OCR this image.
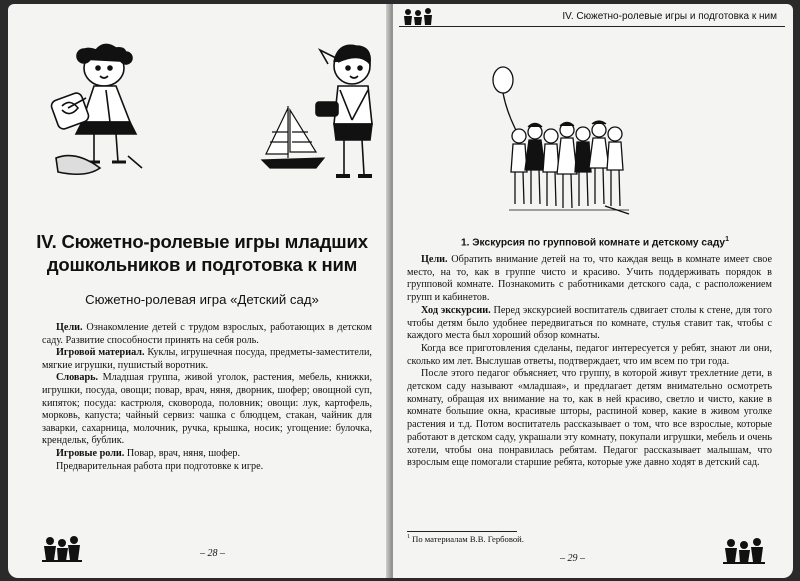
IV. Сюжетно-ролевые игры младших дошкольников и подготовка к ним
Сюжетно-ролевая игра «Детский сад»

Цели. Ознакомление детей с трудом взрослых, работающих в детском саду. Развитие способности принять на себя роль.

Игровой материал. Куклы, игрушечная посуда, предметы-заместители, мягкие игрушки, пушистый воротник.

Словарь. Младшая группа, живой уголок, растения, мебель, книжки, игрушки, посуда, овощи; повар, врач, няня, дворник, шофер; овощной суп, кипяток; посуда: кастрюля, сковорода, половник; овощи: лук, картофель, морковь, капуста; чайный сервиз: чашка с блюдцем, стакан, чайник для заварки, сахарница, молочник, ручка, крышка, носик; угощение: булочка, крендельк, бублик.

Игровые роли. Повар, врач, няня, шофер.

Предварительная работа при подготовке к игре.

– 28 –
IV. Сюжетно-ролевые игры и подготовка к ним
1. Экскурсия по групповой комнате и детскому саду$^1$

Цели. Обратить внимание детей на то, что каждая вещь в комнате имеет свое место, на то, как в группе чисто и красиво. Учить поддерживать порядок в групповой комнате. Познакомить с работниками детского сада, с расположением групп и кабинетов.

Ход экскурсии. Перед экскурсией воспитатель сдвигает столы к стене, для того чтобы детям было удобнее передвигаться по комнате, стулья ставит так, чтобы с каждого места был хороший обзор комнаты.

Когда все приготовления сделаны, педагог интересуется у ребят, знают ли они, сколько им лет. Выслушав ответы, подтверждает, что им всем по три года.

После этого педагог объясняет, что группу, в которой живут трехлетние дети, в детском саду называют «младшая», и предлагает детям внимательно осмотреть комнату, обращая их внимание на то, как в ней красиво, светло и чисто, какие в комнате большие окна, красивые шторы, распиной ковер, какие в живом уголке растения и т.д. Потом воспитатель рассказывает о том, что все взрослые, которые работают в детском саду, украшали эту комнату, покупали игрушки, мебель и очень хотели, чтобы она понравилась ребятам. Педагог рассказывает малышам, что взрослым еще помогали старшие ребята, которые уже давно ходят в детский сад.

$^1$ По материалам В.В. Гербовой.
– 29 –
